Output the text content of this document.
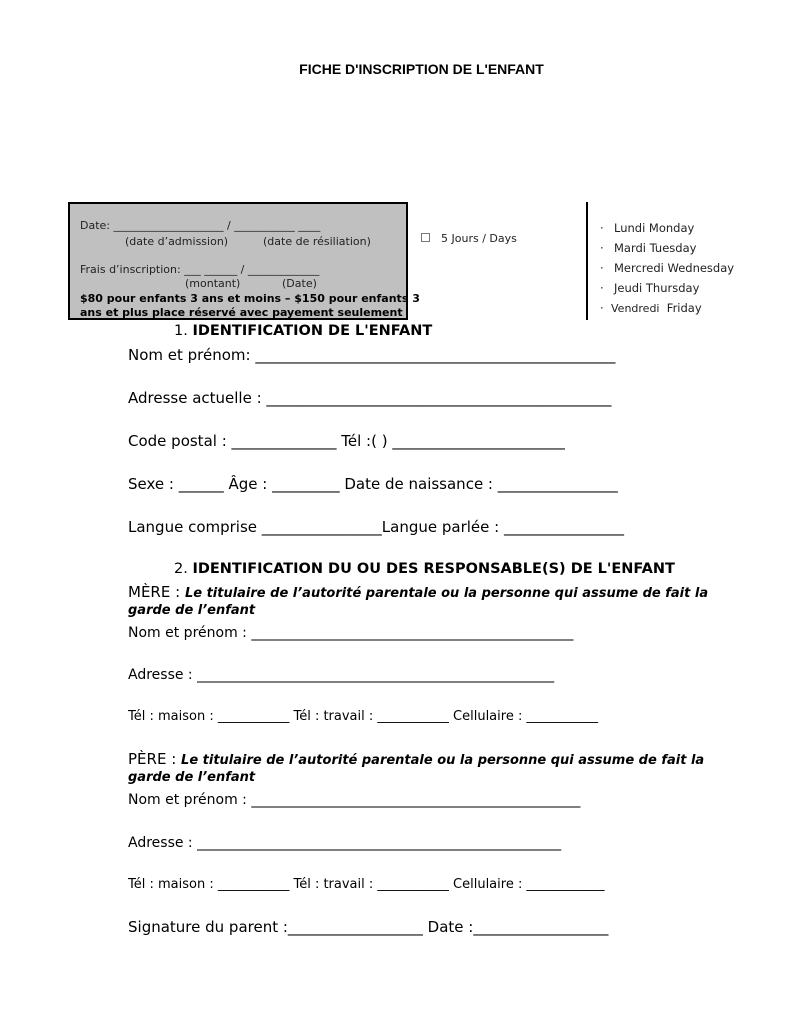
FICHE D'INSCRIPTION DE L'ENFANT
Date: ____________________ / ___________ ____
(date d’admission)	(date de résiliation)
Frais d’inscription: ___ ______ / _____________
(montant)	(Date)
$80 pour enfants 3 ans et moins – $150 pour enfants 3
ans et plus place réservé avec payement seulement
5 Jours / Days
· Lundi Monday
· Mardi Tuesday
· Mercredi Wednesday
· Jeudi Thursday
· Vendredi Friday
1. IDENTIFICATION DE L'ENFANT
Nom et prénom: ________________________________________________
Adresse actuelle : ______________________________________________
Code postal : ______________ Tél :( ) _______________________
Sexe : ______ Âge : _________ Date de naissance : ________________
Langue comprise ________________Langue parlée : ________________
2. IDENTIFICATION DU OU DES RESPONSABLE(S) DE L'ENFANT
MÈRE : Le titulaire de l’autorité parentale ou la personne qui assume de fait la
garde de l’enfant
Nom et prénom : ______________________________________________
Adresse : ___________________________________________________
Tél : maison : ___________ Tél : travail : ___________ Cellulaire : ___________
PÈRE : Le titulaire de l’autorité parentale ou la personne qui assume de fait la
garde de l’enfant
Nom et prénom : _______________________________________________
Adresse : ____________________________________________________
Tél : maison : ___________ Tél : travail : ___________ Cellulaire : ____________
Signature du parent :__________________ Date :__________________
